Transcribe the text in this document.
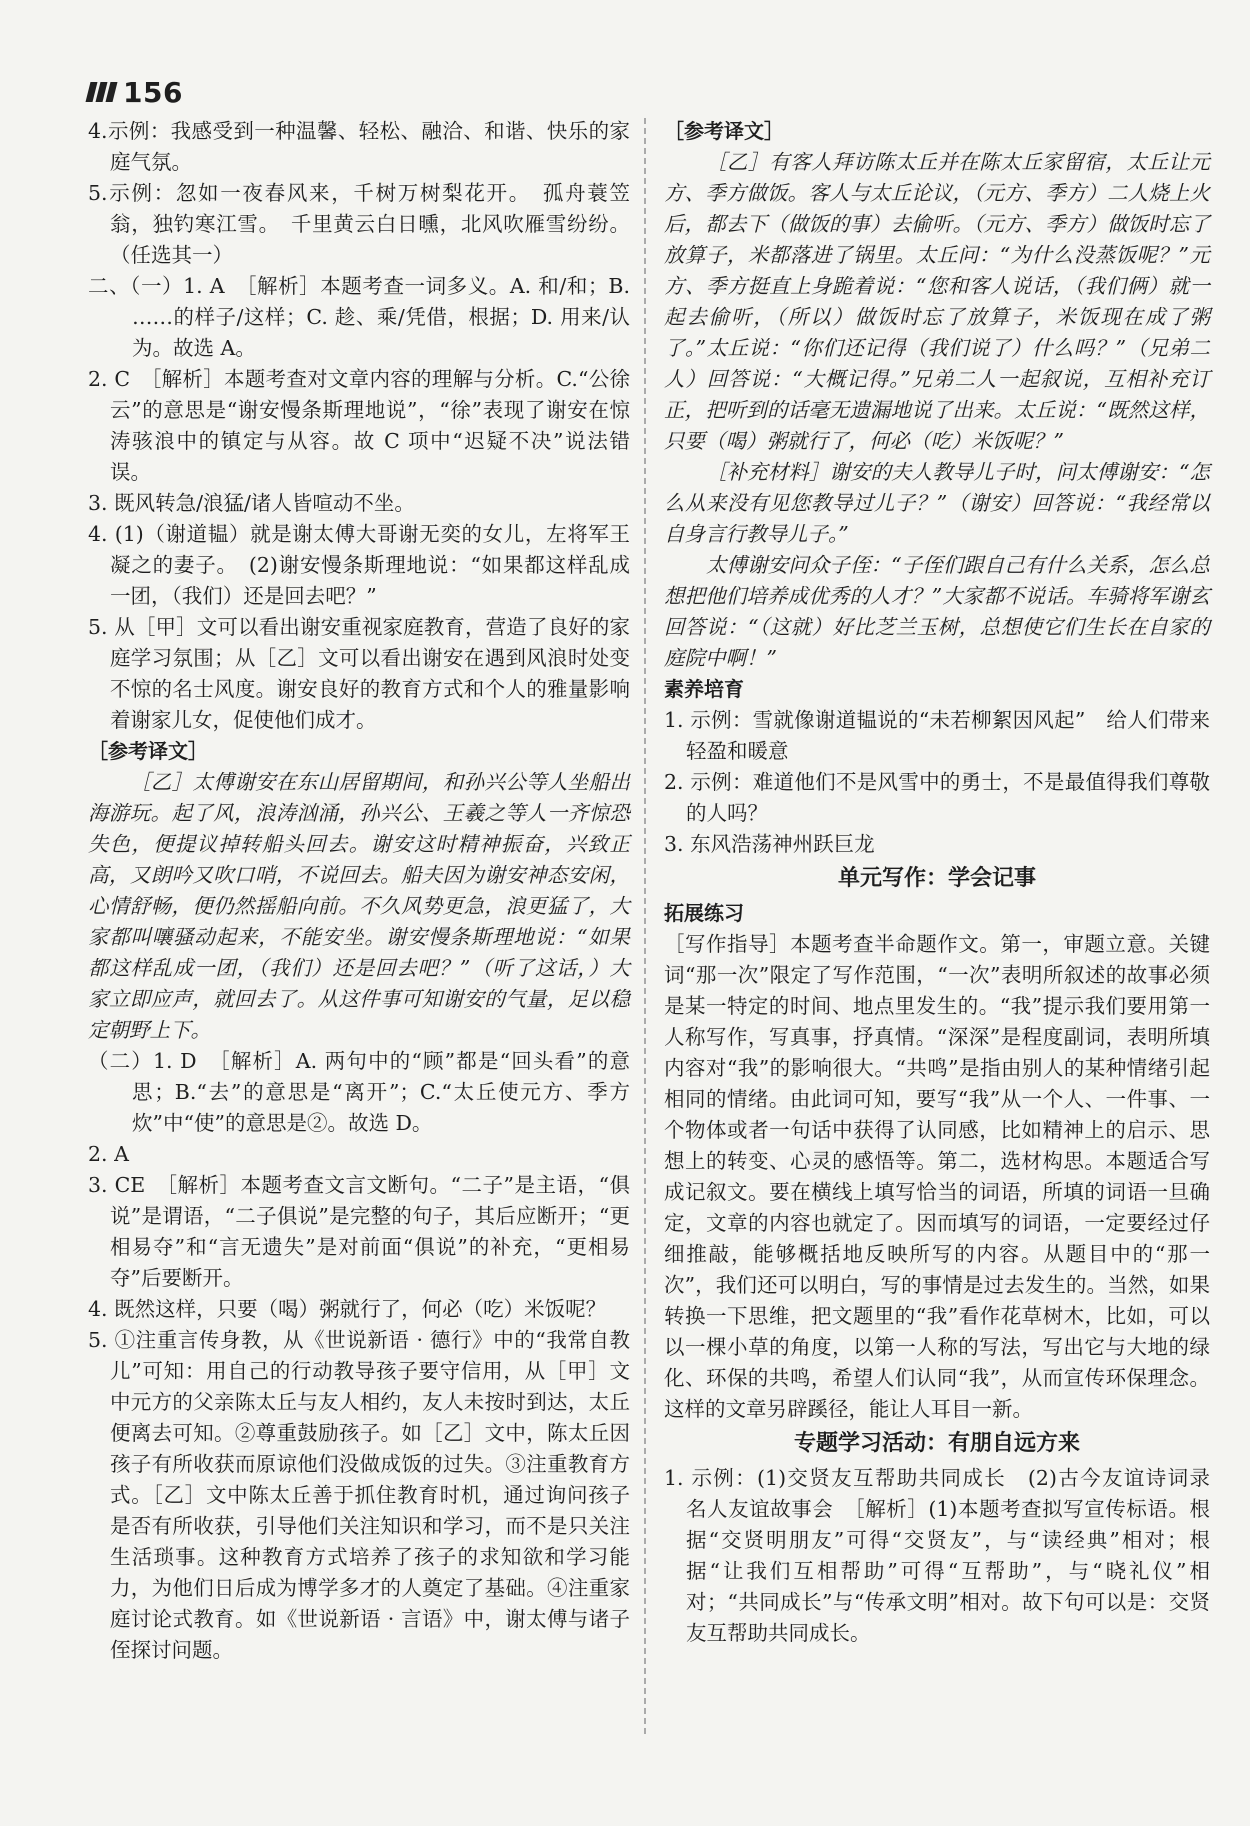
156
4.示例：我感受到一种温馨、轻松、融洽、和谐、快乐的家庭气氛。
5.示例：忽如一夜春风来，千树万树梨花开。　孤舟蓑笠翁，独钓寒江雪。　千里黄云白日曛，北风吹雁雪纷纷。（任选其一）
二、（一）1. A　［解析］本题考查一词多义。A. 和/和；B. ……的样子/这样；C. 趁、乘/凭借，根据；D. 用来/认为。故选 A。
2. C　［解析］本题考查对文章内容的理解与分析。C.“公徐云”的意思是“谢安慢条斯理地说”，“徐”表现了谢安在惊涛骇浪中的镇定与从容。故 C 项中“迟疑不决”说法错误。
3. 既风转急/浪猛/诸人皆喧动不坐。
4. (1)（谢道韫）就是谢太傅大哥谢无奕的女儿，左将军王凝之的妻子。　(2)谢安慢条斯理地说：“如果都这样乱成一团，（我们）还是回去吧？”
5. 从［甲］文可以看出谢安重视家庭教育，营造了良好的家庭学习氛围；从［乙］文可以看出谢安在遇到风浪时处变不惊的名士风度。谢安良好的教育方式和个人的雅量影响着谢家儿女，促使他们成才。
［参考译文］
［乙］太傅谢安在东山居留期间，和孙兴公等人坐船出海游玩。起了风，浪涛汹涌，孙兴公、王羲之等人一齐惊恐失色，便提议掉转船头回去。谢安这时精神振奋，兴致正高，又朗吟又吹口哨，不说回去。船夫因为谢安神态安闲，心情舒畅，便仍然摇船向前。不久风势更急，浪更猛了，大家都叫嚷骚动起来，不能安坐。谢安慢条斯理地说：“如果都这样乱成一团，（我们）还是回去吧？”（听了这话，）大家立即应声，就回去了。从这件事可知谢安的气量，足以稳定朝野上下。
（二）1. D　［解析］A. 两句中的“顾”都是“回头看”的意思；B.“去”的意思是“离开”；C.“太丘使元方、季方炊”中“使”的意思是②。故选 D。
2. A
3. CE　［解析］本题考查文言文断句。“二子”是主语，“俱说”是谓语，“二子俱说”是完整的句子，其后应断开；“更相易夺”和“言无遗失”是对前面“俱说”的补充，“更相易夺”后要断开。
4. 既然这样，只要（喝）粥就行了，何必（吃）米饭呢？
5. ①注重言传身教，从《世说新语 · 德行》中的“我常自教儿”可知：用自己的行动教导孩子要守信用，从［甲］文中元方的父亲陈太丘与友人相约，友人未按时到达，太丘便离去可知。②尊重鼓励孩子。如［乙］文中，陈太丘因孩子有所收获而原谅他们没做成饭的过失。③注重教育方式。［乙］文中陈太丘善于抓住教育时机，通过询问孩子是否有所收获，引导他们关注知识和学习，而不是只关注生活琐事。这种教育方式培养了孩子的求知欲和学习能力，为他们日后成为博学多才的人奠定了基础。④注重家庭讨论式教育。如《世说新语 · 言语》中，谢太傅与诸子侄探讨问题。
［参考译文］
［乙］有客人拜访陈太丘并在陈太丘家留宿，太丘让元方、季方做饭。客人与太丘论议，（元方、季方）二人烧上火后，都去下（做饭的事）去偷听。（元方、季方）做饭时忘了放算子，米都落进了锅里。太丘问：“为什么没蒸饭呢？”元方、季方挺直上身跪着说：“您和客人说话，（我们俩）就一起去偷听，（所以）做饭时忘了放算子，米饭现在成了粥了。”太丘说：“你们还记得（我们说了）什么吗？”（兄弟二人）回答说：“大概记得。”兄弟二人一起叙说，互相补充订正，把听到的话毫无遗漏地说了出来。太丘说：“既然这样，只要（喝）粥就行了，何必（吃）米饭呢？”
［补充材料］谢安的夫人教导儿子时，问太傅谢安：“怎么从来没有见您教导过儿子？”（谢安）回答说：“我经常以自身言行教导儿子。”
太傅谢安问众子侄：“子侄们跟自己有什么关系，怎么总想把他们培养成优秀的人才？”大家都不说话。车骑将军谢玄回答说：“（这就）好比芝兰玉树，总想使它们生长在自家的庭院中啊！”
素养培育
1. 示例：雪就像谢道韫说的“未若柳絮因风起”　给人们带来轻盈和暖意
2. 示例：难道他们不是风雪中的勇士，不是最值得我们尊敬的人吗？
3. 东风浩荡神州跃巨龙
单元写作：学会记事
拓展练习
［写作指导］本题考查半命题作文。第一，审题立意。关键词“那一次”限定了写作范围，“一次”表明所叙述的故事必须是某一特定的时间、地点里发生的。“我”提示我们要用第一人称写作，写真事，抒真情。“深深”是程度副词，表明所填内容对“我”的影响很大。“共鸣”是指由别人的某种情绪引起相同的情绪。由此词可知，要写“我”从一个人、一件事、一个物体或者一句话中获得了认同感，比如精神上的启示、思想上的转变、心灵的感悟等。第二，选材构思。本题适合写成记叙文。要在横线上填写恰当的词语，所填的词语一旦确定，文章的内容也就定了。因而填写的词语，一定要经过仔细推敲，能够概括地反映所写的内容。从题目中的“那一次”，我们还可以明白，写的事情是过去发生的。当然，如果转换一下思维，把文题里的“我”看作花草树木，比如，可以以一棵小草的角度，以第一人称的写法，写出它与大地的绿化、环保的共鸣，希望人们认同“我”，从而宣传环保理念。这样的文章另辟蹊径，能让人耳目一新。
专题学习活动：有朋自远方来
1. 示例：(1)交贤友互帮助共同成长　(2)古今友谊诗词录　名人友谊故事会　［解析］(1)本题考查拟写宣传标语。根据“交贤明朋友”可得“交贤友”，与“读经典”相对；根据“让我们互相帮助”可得“互帮助”，与“晓礼仪”相对；“共同成长”与“传承文明”相对。故下句可以是：交贤友互帮助共同成长。
